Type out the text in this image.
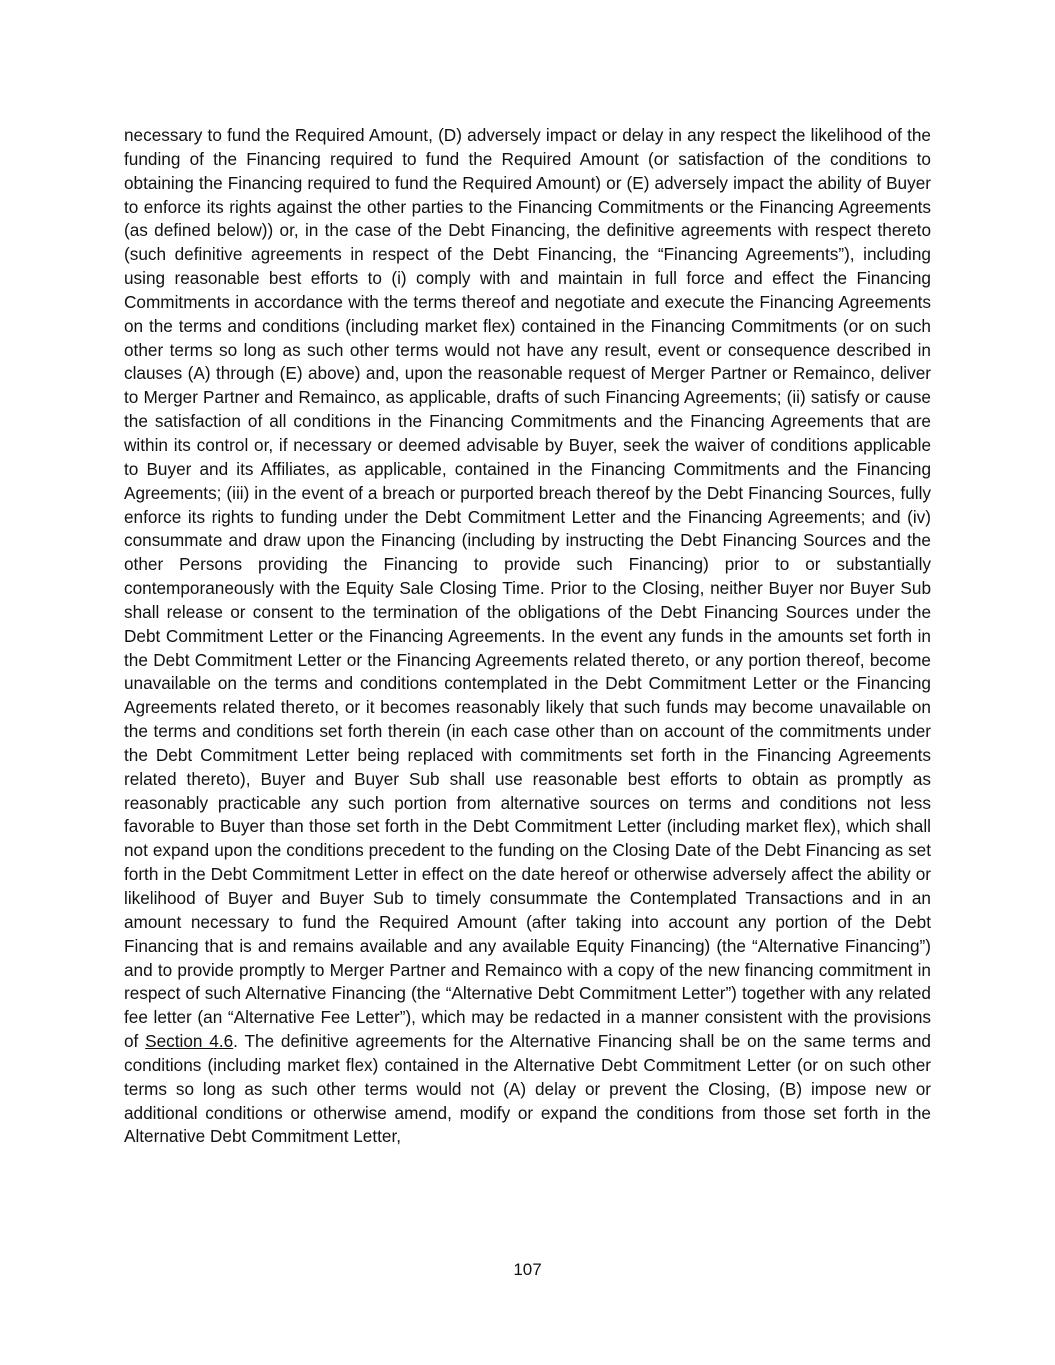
necessary to fund the Required Amount, (D) adversely impact or delay in any respect the likelihood of the funding of the Financing required to fund the Required Amount (or satisfaction of the conditions to obtaining the Financing required to fund the Required Amount) or (E) adversely impact the ability of Buyer to enforce its rights against the other parties to the Financing Commitments or the Financing Agreements (as defined below)) or, in the case of the Debt Financing, the definitive agreements with respect thereto (such definitive agreements in respect of the Debt Financing, the “Financing Agreements”), including using reasonable best efforts to (i) comply with and maintain in full force and effect the Financing Commitments in accordance with the terms thereof and negotiate and execute the Financing Agreements on the terms and conditions (including market flex) contained in the Financing Commitments (or on such other terms so long as such other terms would not have any result, event or consequence described in clauses (A) through (E) above) and, upon the reasonable request of Merger Partner or Remainco, deliver to Merger Partner and Remainco, as applicable, drafts of such Financing Agreements; (ii) satisfy or cause the satisfaction of all conditions in the Financing Commitments and the Financing Agreements that are within its control or, if necessary or deemed advisable by Buyer, seek the waiver of conditions applicable to Buyer and its Affiliates, as applicable, contained in the Financing Commitments and the Financing Agreements; (iii) in the event of a breach or purported breach thereof by the Debt Financing Sources, fully enforce its rights to funding under the Debt Commitment Letter and the Financing Agreements; and (iv) consummate and draw upon the Financing (including by instructing the Debt Financing Sources and the other Persons providing the Financing to provide such Financing) prior to or substantially contemporaneously with the Equity Sale Closing Time. Prior to the Closing, neither Buyer nor Buyer Sub shall release or consent to the termination of the obligations of the Debt Financing Sources under the Debt Commitment Letter or the Financing Agreements. In the event any funds in the amounts set forth in the Debt Commitment Letter or the Financing Agreements related thereto, or any portion thereof, become unavailable on the terms and conditions contemplated in the Debt Commitment Letter or the Financing Agreements related thereto, or it becomes reasonably likely that such funds may become unavailable on the terms and conditions set forth therein (in each case other than on account of the commitments under the Debt Commitment Letter being replaced with commitments set forth in the Financing Agreements related thereto), Buyer and Buyer Sub shall use reasonable best efforts to obtain as promptly as reasonably practicable any such portion from alternative sources on terms and conditions not less favorable to Buyer than those set forth in the Debt Commitment Letter (including market flex), which shall not expand upon the conditions precedent to the funding on the Closing Date of the Debt Financing as set forth in the Debt Commitment Letter in effect on the date hereof or otherwise adversely affect the ability or likelihood of Buyer and Buyer Sub to timely consummate the Contemplated Transactions and in an amount necessary to fund the Required Amount (after taking into account any portion of the Debt Financing that is and remains available and any available Equity Financing) (the “Alternative Financing”) and to provide promptly to Merger Partner and Remainco with a copy of the new financing commitment in respect of such Alternative Financing (the “Alternative Debt Commitment Letter”) together with any related fee letter (an “Alternative Fee Letter”), which may be redacted in a manner consistent with the provisions of Section 4.6. The definitive agreements for the Alternative Financing shall be on the same terms and conditions (including market flex) contained in the Alternative Debt Commitment Letter (or on such other terms so long as such other terms would not (A) delay or prevent the Closing, (B) impose new or additional conditions or otherwise amend, modify or expand the conditions from those set forth in the Alternative Debt Commitment Letter,

107
